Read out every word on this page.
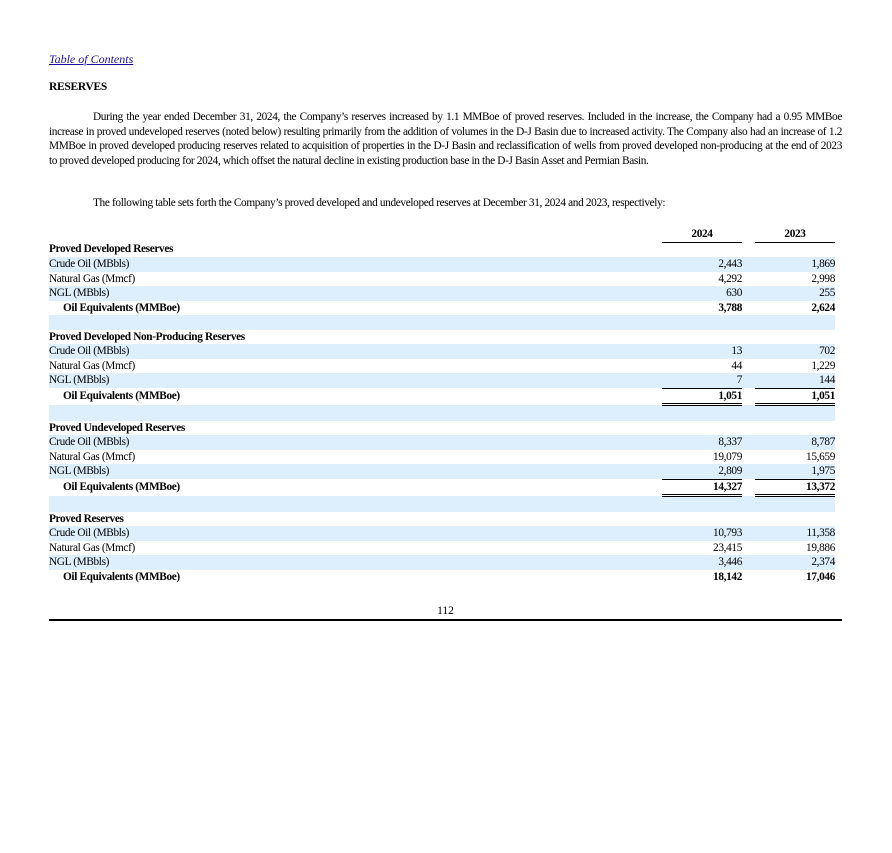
Table of Contents
RESERVES

During the year ended December 31, 2024, the Company’s reserves increased by 1.1 MMBoe of proved reserves. Included in the increase, the Company had a 0.95 MMBoe increase in proved undeveloped reserves (noted below) resulting primarily from the addition of volumes in the D-J Basin due to increased activity. The Company also had an increase of 1.2 MMBoe in proved developed producing reserves related to acquisition of properties in the D-J Basin and reclassification of wells from proved developed non-producing at the end of 2023 to proved developed producing for 2024, which offset the natural decline in existing production base in the D-J Basin Asset and Permian Basin.

The following table sets forth the Company’s proved developed and undeveloped reserves at December 31, 2024 and 2023, respectively:

	2024		2023
Proved Developed Reserves			
Crude Oil (MBbls)	2,443		1,869
Natural Gas (Mmcf)	4,292		2,998
NGL (MBbls)	630		255
Oil Equivalents (MMBoe)	3,788		2,624

Proved Developed Non-Producing Reserves			
Crude Oil (MBbls)	13		702
Natural Gas (Mmcf)	44		1,229
NGL (MBbls)	7		144
Oil Equivalents (MMBoe)	1,051		1,051

Proved Undeveloped Reserves			
Crude Oil (MBbls)	8,337		8,787
Natural Gas (Mmcf)	19,079		15,659
NGL (MBbls)	2,809		1,975
Oil Equivalents (MMBoe)	14,327		13,372

Proved Reserves			
Crude Oil (MBbls)	10,793		11,358
Natural Gas (Mmcf)	23,415		19,886
NGL (MBbls)	3,446		2,374
Oil Equivalents (MMBoe)	18,142		17,046
112
